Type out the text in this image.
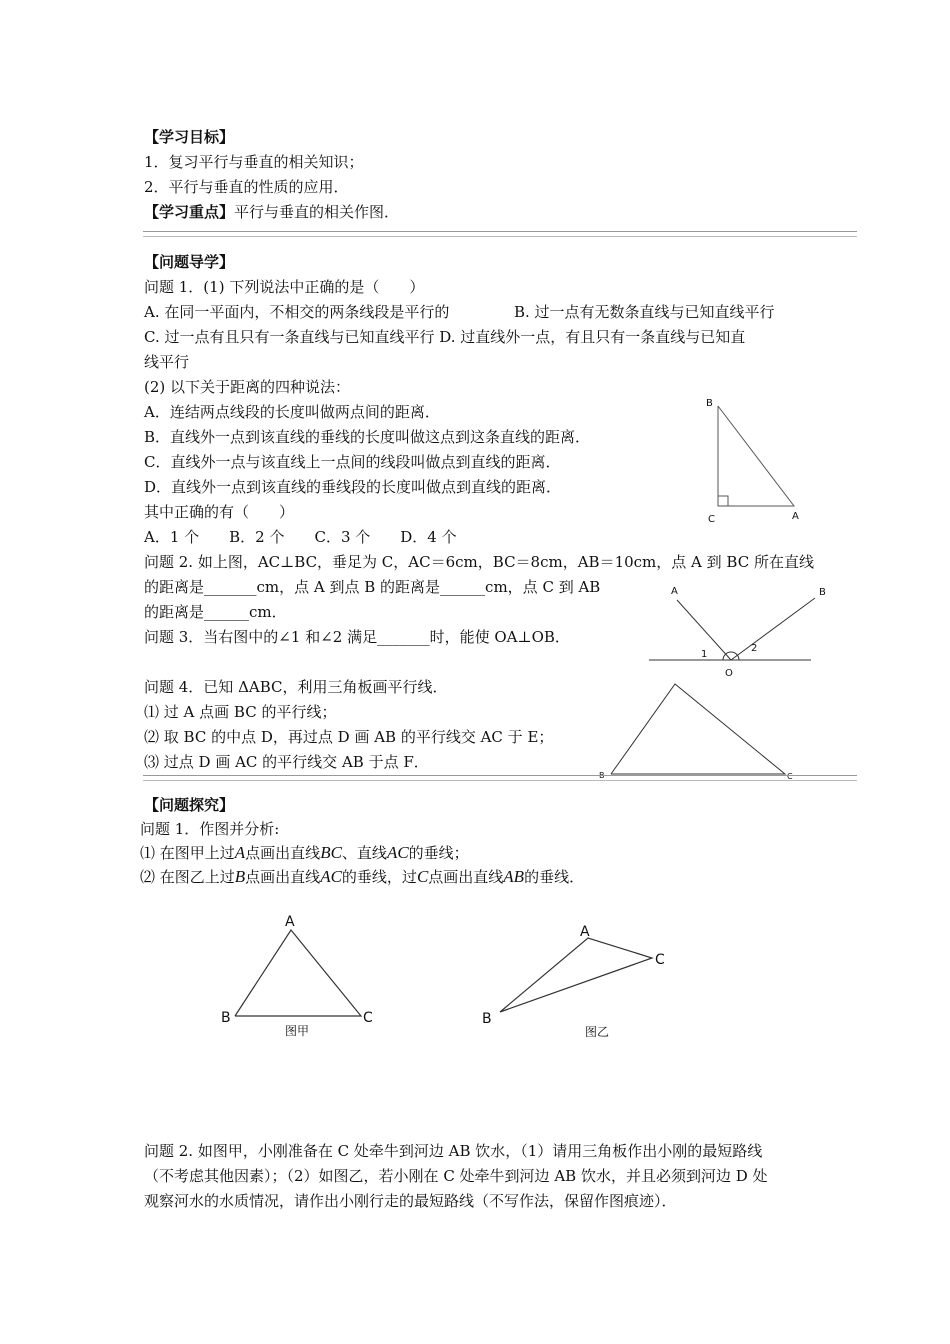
【学习目标】
1．复习平行与垂直的相关知识；
2．平行与垂直的性质的应用．
【学习重点】平行与垂直的相关作图．
【问题导学】
问题 1．(1) 下列说法中正确的是（　　）
A. 在同一平面内，不相交的两条线段是平行的	B. 过一点有无数条直线与已知直线平行
C. 过一点有且只有一条直线与已知直线平行 D. 过直线外一点，有且只有一条直线与已知直
线平行
(2) 以下关于距离的四种说法：
A．连结两点线段的长度叫做两点间的距离．
B．直线外一点到该直线的垂线的长度叫做这点到这条直线的距离．
C．直线外一点与该直线上一点间的线段叫做点到直线的距离．
D．直线外一点到该直线的垂线段的长度叫做点到直线的距离．
其中正确的有（　　）
A．1 个　　B．2 个　　C．3 个　　D．4 个
问题 2. 如上图，AC⊥BC，垂足为 C，AC＝6cm，BC＝8cm，AB＝10cm，点 A 到 BC 所在直线
的距离是_______cm，点 A 到点 B 的距离是______cm，点 C 到 AB
的距离是______cm．
问题 3．当右图中的∠1 和∠2 满足_______时，能使 OA⊥OB．
问题 4．已知 ΔABC，利用三角板画平行线．
⑴ 过 A 点画 BC 的平行线；
⑵ 取 BC 的中点 D，再过点 D 画 AB 的平行线交 AC 于 E；
⑶ 过点 D 画 AC 的平行线交 AB 于点 F．
B
C	A
A	B
O
1
2
B	C
【问题探究】
问题 1．作图并分析:
⑴ 在图甲上过A点画出直线BC、直线AC的垂线；
⑵ 在图乙上过B点画出直线AC的垂线，过C点画出直线AB的垂线．
A
B	C
图甲
A
B
C
图乙
问题 2. 如图甲，小刚准备在 C 处牵牛到河边 AB 饮水，（1）请用三角板作出小刚的最短路线
（不考虑其他因素）；（2）如图乙，若小刚在 C 处牵牛到河边 AB 饮水，并且必须到河边 D 处
观察河水的水质情况，请作出小刚行走的最短路线（不写作法，保留作图痕迹）．
